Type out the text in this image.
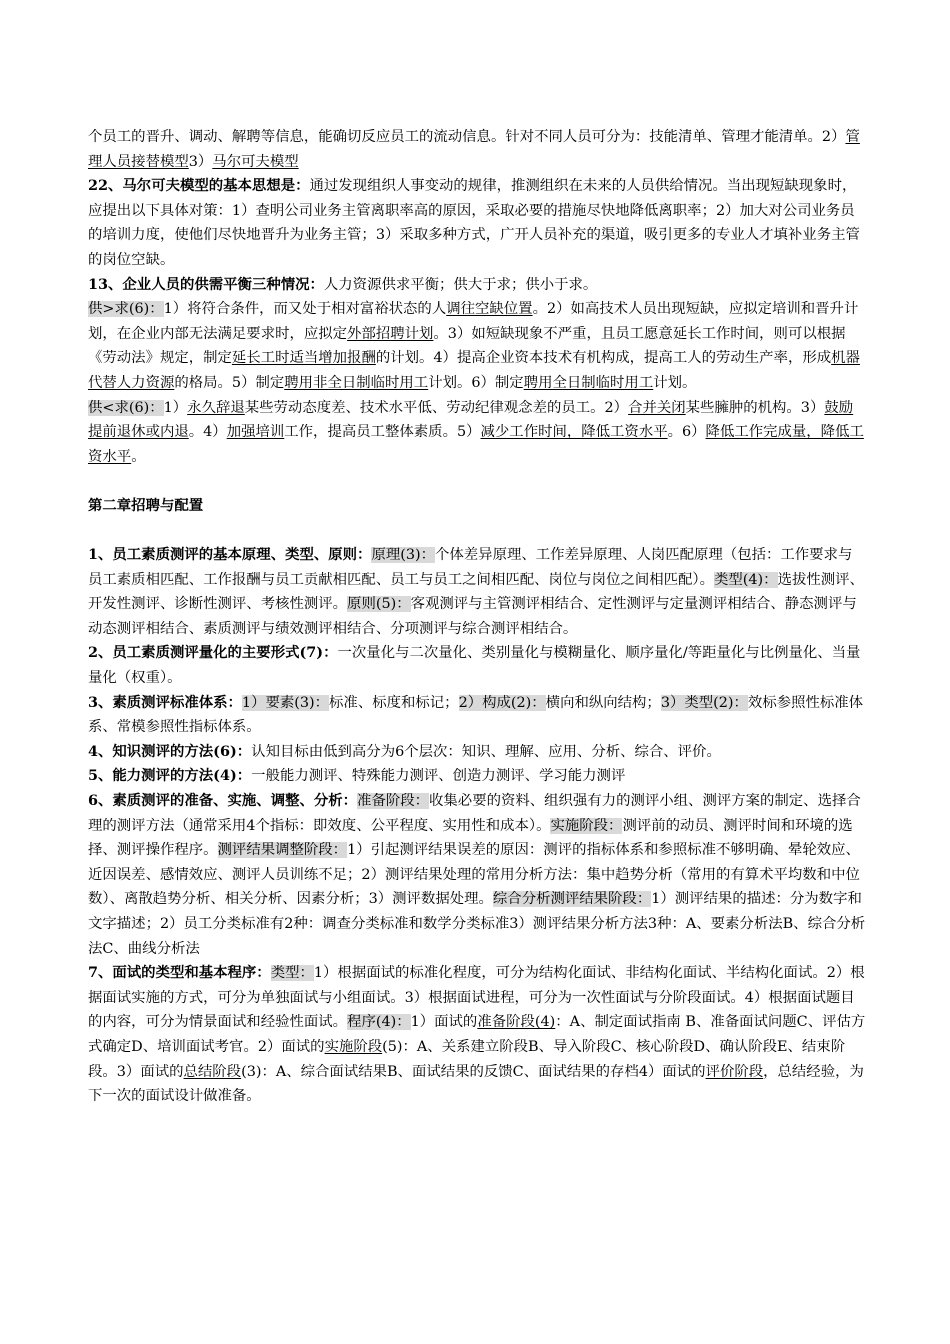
个员工的晋升、调动、解聘等信息，能确切反应员工的流动信息。针对不同人员可分为：技能清单、管理才能清单。2）管理人员接替模型3）马尔可夫模型

22、马尔可夫模型的基本思想是：通过发现组织人事变动的规律，推测组织在未来的人员供给情况。当出现短缺现象时，应提出以下具体对策：1）查明公司业务主管离职率高的原因，采取必要的措施尽快地降低离职率；2）加大对公司业务员的培训力度，使他们尽快地晋升为业务主管；3）采取多种方式，广开人员补充的渠道，吸引更多的专业人才填补业务主管的岗位空缺。

13、企业人员的供需平衡三种情况：人力资源供求平衡；供大于求；供小于求。

供>求(6)：1）将符合条件，而又处于相对富裕状态的人调往空缺位置。2）如高技术人员出现短缺，应拟定培训和晋升计划，在企业内部无法满足要求时，应拟定外部招聘计划。3）如短缺现象不严重，且员工愿意延长工作时间，则可以根据《劳动法》规定，制定延长工时适当增加报酬的计划。4）提高企业资本技术有机构成，提高工人的劳动生产率，形成机器代替人力资源的格局。5）制定聘用非全日制临时用工计划。6）制定聘用全日制临时用工计划。

供<求(6)：1）永久辞退某些劳动态度差、技术水平低、劳动纪律观念差的员工。2）合并关闭某些臃肿的机构。3）鼓励提前退休或内退。4）加强培训工作，提高员工整体素质。5）减少工作时间，降低工资水平。6）降低工作完成量，降低工资水平。

第二章招聘与配置

1、员工素质测评的基本原理、类型、原则：原理(3)：个体差异原理、工作差异原理、人岗匹配原理（包括：工作要求与员工素质相匹配、工作报酬与员工贡献相匹配、员工与员工之间相匹配、岗位与岗位之间相匹配）。类型(4)：选拔性测评、开发性测评、诊断性测评、考核性测评。原则(5)：客观测评与主管测评相结合、定性测评与定量测评相结合、静态测评与动态测评相结合、素质测评与绩效测评相结合、分项测评与综合测评相结合。

2、员工素质测评量化的主要形式(7)：一次量化与二次量化、类别量化与模糊量化、顺序量化/等距量化与比例量化、当量量化（权重）。

3、素质测评标准体系：1）要素(3)：标准、标度和标记；2）构成(2)：横向和纵向结构；3）类型(2)：效标参照性标准体系、常模参照性指标体系。

4、知识测评的方法(6)：认知目标由低到高分为6个层次：知识、理解、应用、分析、综合、评价。

5、能力测评的方法(4)：一般能力测评、特殊能力测评、创造力测评、学习能力测评

6、素质测评的准备、实施、调整、分析：准备阶段：收集必要的资料、组织强有力的测评小组、测评方案的制定、选择合理的测评方法（通常采用4个指标：即效度、公平程度、实用性和成本）。实施阶段：测评前的动员、测评时间和环境的选择、测评操作程序。测评结果调整阶段：1）引起测评结果误差的原因：测评的指标体系和参照标准不够明确、晕轮效应、近因误差、感情效应、测评人员训练不足；2）测评结果处理的常用分析方法：集中趋势分析（常用的有算术平均数和中位数）、离散趋势分析、相关分析、因素分析；3）测评数据处理。综合分析测评结果阶段：1）测评结果的描述：分为数字和文字描述；2）员工分类标准有2种：调查分类标准和数学分类标准3）测评结果分析方法3种：A、要素分析法B、综合分析法C、曲线分析法

7、面试的类型和基本程序：类型：1）根据面试的标准化程度，可分为结构化面试、非结构化面试、半结构化面试。2）根据面试实施的方式，可分为单独面试与小组面试。3）根据面试进程，可分为一次性面试与分阶段面试。4）根据面试题目的内容，可分为情景面试和经验性面试。程序(4)：1）面试的准备阶段(4)：A、制定面试指南 B、准备面试问题C、评估方式确定D、培训面试考官。2）面试的实施阶段(5)：A、关系建立阶段B、导入阶段C、核心阶段D、确认阶段E、结束阶段。3）面试的总结阶段(3)：A、综合面试结果B、面试结果的反馈C、面试结果的存档4）面试的评价阶段，总结经验，为下一次的面试设计做准备。
